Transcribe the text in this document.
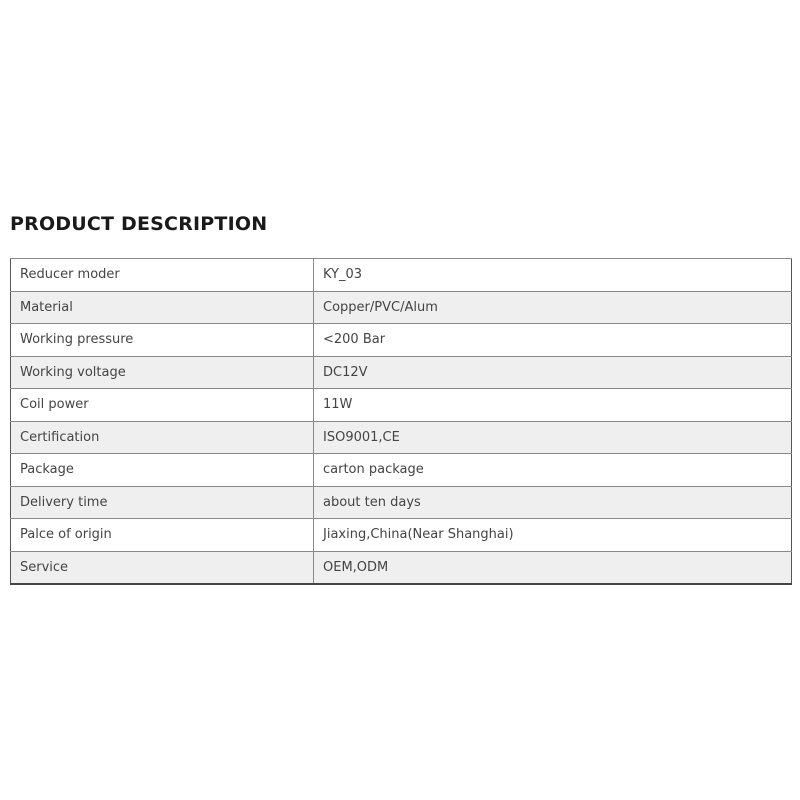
PRODUCT DESCRIPTION
Reducer moder	KY_03
Material	Copper/PVC/Alum
Working pressure	<200 Bar
Working voltage	DC12V
Coil power	11W
Certification	ISO9001,CE
Package	carton package
Delivery time	about ten days
Palce of origin	Jiaxing,China(Near Shanghai)
Service	OEM,ODM
